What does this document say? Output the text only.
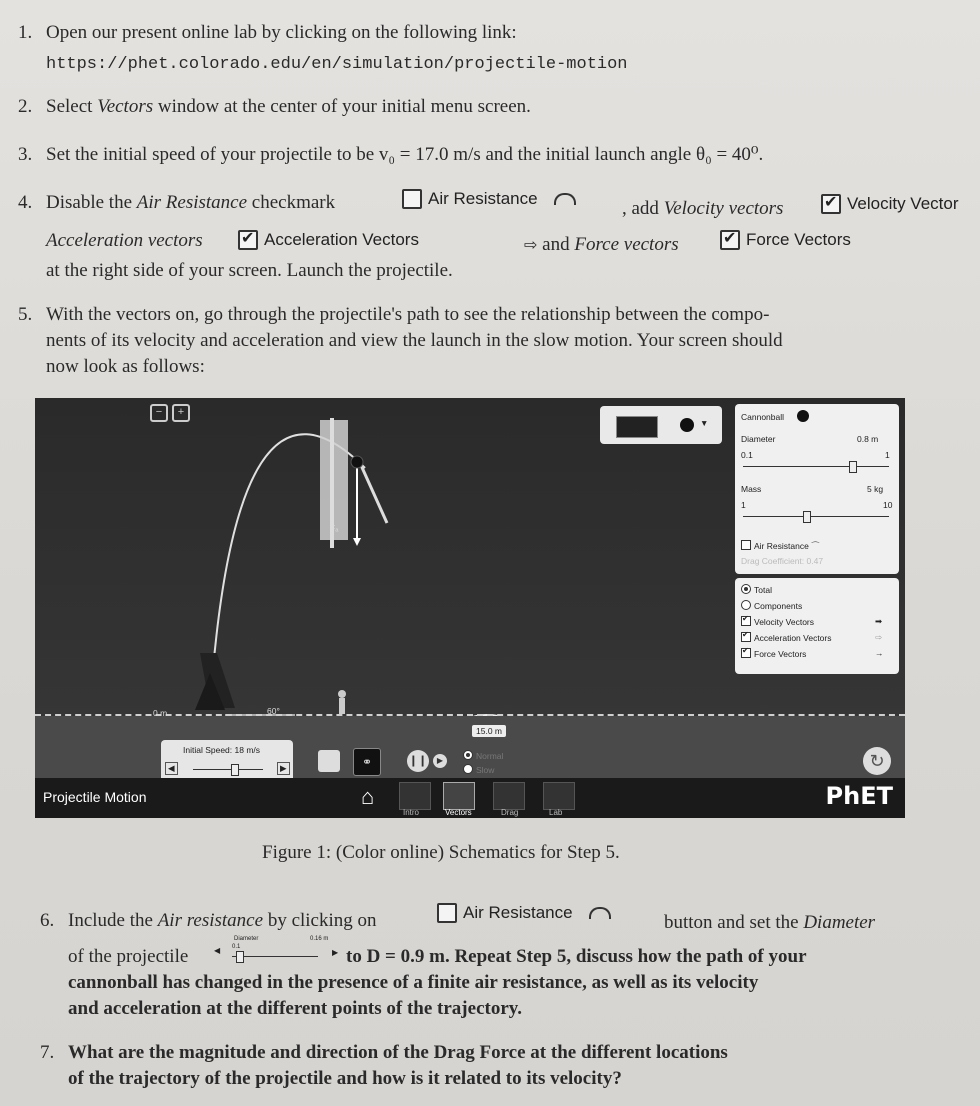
1. Open our present online lab by clicking on the following link:
https://phet.colorado.edu/en/simulation/projectile-motion
2. Select Vectors window at the center of your initial menu screen.
3. Set the initial speed of your projectile to be v₀ = 17.0 m/s and the initial launch angle θ₀ = 40⁰.
4. Disable the Air Resistance checkmark	Air Resistance	, add Velocity vectors ✔	Velocity Vector
Acceleration vectors ✔	Acceleration Vectors	⇨ and Force vectors ✔	Force Vectors
at the right side of your screen. Launch the projectile.
5. With the vectors on, go through the projectile's path to see the relationship between the compo-
nents of its velocity and acceleration and view the launch in the slow motion. Your screen should
now look as follows:
−	+
Fₐ
0 m	60°
15.0 m
Initial Speed: 18 m/s
◀	▶	⚭	❙❙	▶	Normal
Slow	↻
▼
Cannonball
Diameter	0.8 m
0.1	1
Mass	5 kg
1	10
Air Resistance ⌒
Drag Coefficient: 0.47
Total
Components
✔Velocity Vectors	➡
✔Acceleration Vectors	⇨
✔Force Vectors	→
Projectile Motion	⌂
Intro	Vectors	Drag	Lab
PhET
Figure 1: (Color online) Schematics for Step 5.
6. Include the Air resistance by clicking on	Air Resistance	button and set the Diameter
of the projectile
Diameter	0.16 m
◀ 0.1
▶ to D = 0.9 m. Repeat Step 5, discuss how the path of your
cannonball has changed in the presence of a finite air resistance, as well as its velocity
and acceleration at the different points of the trajectory.
7. What are the magnitude and direction of the Drag Force at the different locations
of the trajectory of the projectile and how is it related to its velocity?
